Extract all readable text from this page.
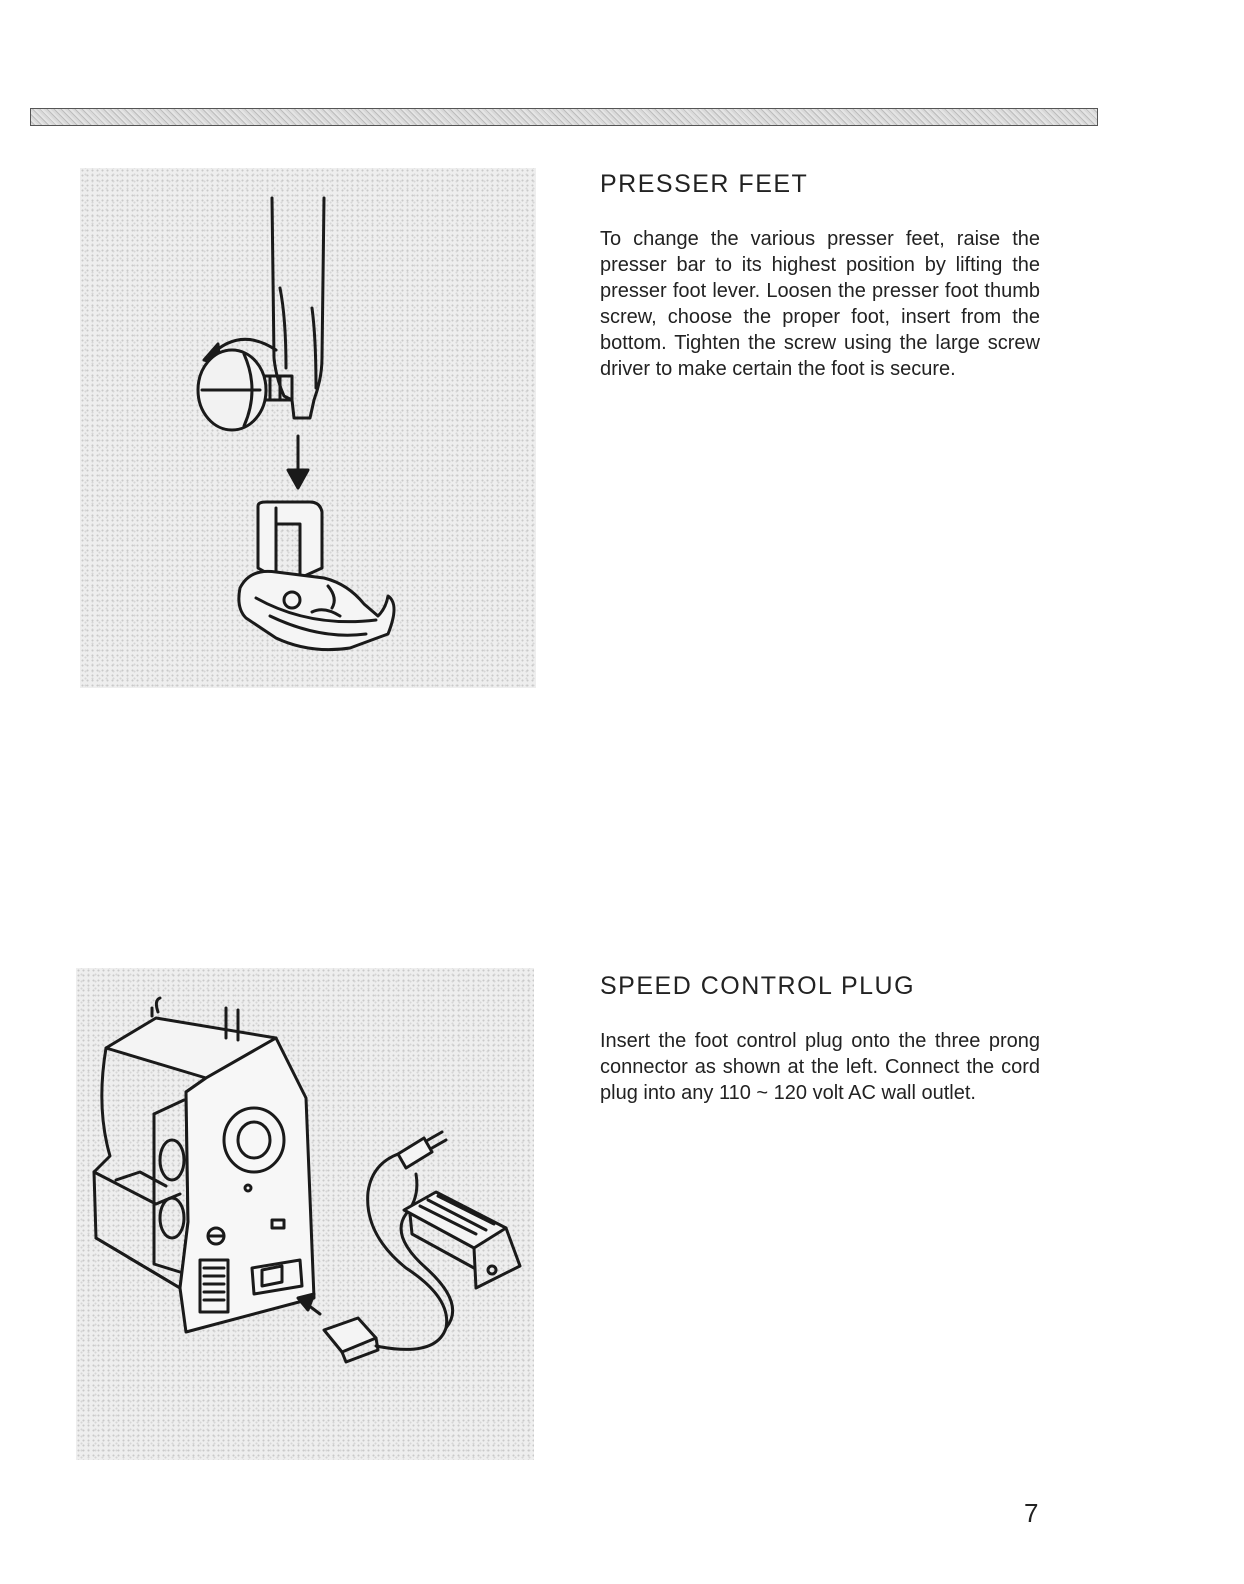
PRESSER FEET

To change the various presser feet, raise the presser bar to its highest position by lifting the presser foot lever. Loosen the presser foot thumb screw, choose the proper foot, insert from the bottom. Tighten the screw using the large screw driver to make certain the foot is secure.

SPEED CONTROL PLUG

Insert the foot control plug onto the three prong connector as shown at the left. Connect the cord plug into any 110 ~ 120 volt AC wall outlet.

7
